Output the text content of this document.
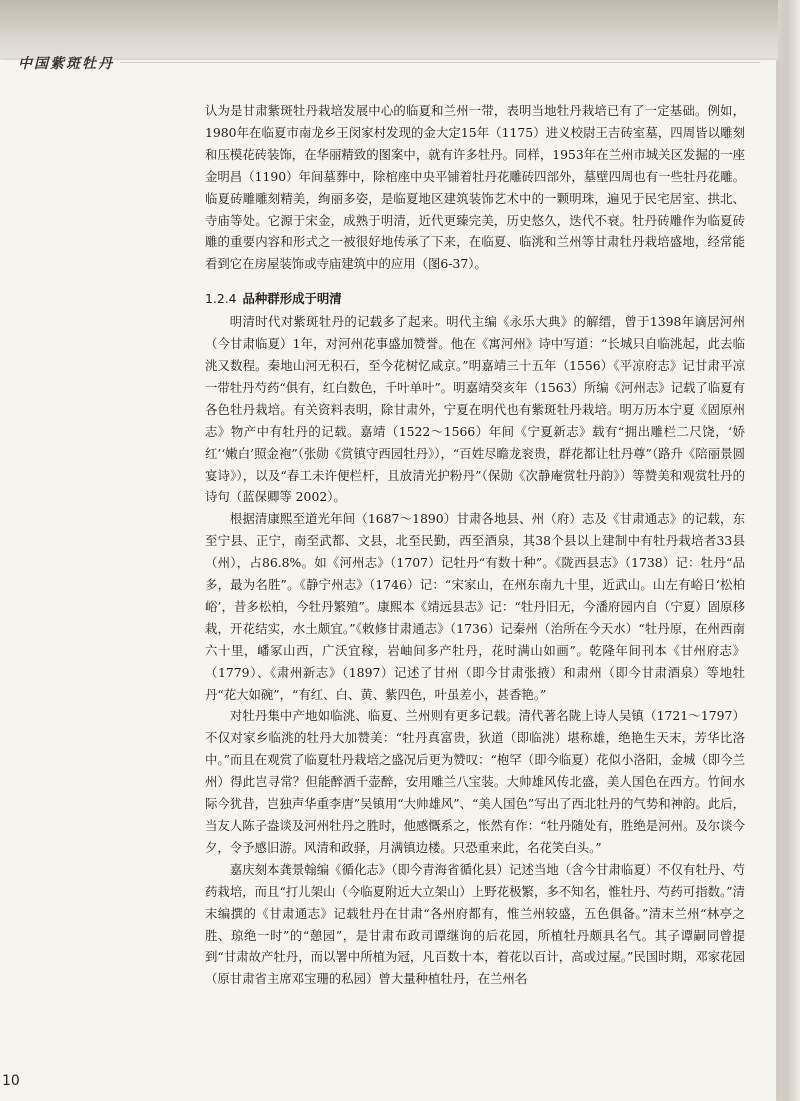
中国紫斑牡丹

认为是甘肃紫斑牡丹栽培发展中心的临夏和兰州一带，表明当地牡丹栽培已有了一定基础。例如，1980年在临夏市南龙乡王闵家村发现的金大定15年（1175）进义校尉王吉砖室墓，四周皆以雕刻和压模花砖装饰，在华丽精致的图案中，就有许多牡丹。同样，1953年在兰州市城关区发掘的一座金明昌（1190）年间墓葬中，除棺座中央平铺着牡丹花雕砖四部外，墓壁四周也有一些牡丹花雕。临夏砖雕雕刻精美，绚丽多姿，是临夏地区建筑装饰艺术中的一颗明珠，遍见于民宅居室、拱北、寺庙等处。它源于宋金，成熟于明清，近代更臻完美，历史悠久，迭代不衰。牡丹砖雕作为临夏砖雕的重要内容和形式之一被很好地传承了下来，在临夏、临洮和兰州等甘肃牡丹栽培盛地，经常能看到它在房屋装饰或寺庙建筑中的应用（图6-37）。

1.2.4 品种群形成于明清

明清时代对紫斑牡丹的记载多了起来。明代主编《永乐大典》的解缙，曾于1398年谪居河州（今甘肃临夏）1年，对河州花事盛加赞誉。他在《寓河州》诗中写道：“长城只自临洮起，此去临洮又数程。秦地山河无积石，至今花树忆咸京。”明嘉靖三十五年（1556）《平凉府志》记甘肃平凉一带牡丹芍药“俱有，红白数色，千叶单叶”。明嘉靖癸亥年（1563）所编《河州志》记载了临夏有各色牡丹栽培。有关资料表明，除甘肃外，宁夏在明代也有紫斑牡丹栽培。明万历本宁夏《固原州志》物产中有牡丹的记载。嘉靖（1522～1566）年间《宁夏新志》载有“拥出雕栏二尺饶，‘娇红’‘嫩白’照金袍”（张勋《赏镇守西园牡丹》），“百姓尽瞻龙衮贵，群花都让牡丹尊”（路升《陪丽景圆宴诗》），以及“春工未许便栏杆，且放清光护粉丹”（保勋《次静庵赏牡丹韵》）等赞美和观赏牡丹的诗句（蓝保卿等 2002）。

根据清康熙至道光年间（1687～1890）甘肃各地县、州（府）志及《甘肃通志》的记载，东至宁县、正宁，南至武都、文县，北至民勤，西至酒泉，其38个县以上建制中有牡丹栽培者33县（州），占86.8%。如《河州志》（1707）记牡丹“有数十种”。《陇西县志》（1738）记：牡丹“品多，最为名胜”。《静宁州志》（1746）记：“宋家山，在州东南九十里，近武山。山左有峪日‘松柏峪’，昔多松柏，今牡丹繁殖”。康熙本《靖远县志》记：“牡丹旧无，今潘府园内自（宁夏）固原移栽，开花结实，水土颇宜。”《敕修甘肃通志》（1736）记秦州（治所在今天水）“牡丹原，在州西南六十里，嶓冢山西，广沃宜稼，岩岫间多产牡丹，花时满山如画”。乾隆年间刊本《甘州府志》（1779）、《肃州新志》（1897）记述了甘州（即今甘肃张掖）和肃州（即今甘肃酒泉）等地牡丹“花大如碗”，“有红、白、黄、紫四色，叶虽差小，甚香艳。”

对牡丹集中产地如临洮、临夏、兰州则有更多记载。清代著名陇上诗人吴镇（1721～1797）不仅对家乡临洮的牡丹大加赞美：“牡丹真富贵，狄道（即临洮）堪称雄，绝艳生天末，芳华比洛中。”而且在观赏了临夏牡丹栽培之盛况后更为赞叹：“枹罕（即今临夏）花似小洛阳，金城（即今兰州）得此岂寻常？但能醉酒千壶醉，安用雕兰八宝装。大帅雄风传北盛，美人国色在西方。竹间水际今犹昔，岂独声华重李唐”吴镇用“大帅雄风”、“美人国色”写出了西北牡丹的气势和神韵。此后，当友人陈子盎谈及河州牡丹之胜时，他感慨系之，怅然有作：“牡丹随处有，胜绝是河州。及尔谈今夕，令予感旧游。风清和政驿，月满镇边楼。只恐重来此，名花笑白头。”

嘉庆刻本龚景翰编《循化志》（即今青海省循化县）记述当地（含今甘肃临夏）不仅有牡丹、芍药栽培，而且“打儿架山（今临夏附近大立架山）上野花极繁，多不知名，惟牡丹、芍药可指数。”清末编撰的《甘肃通志》记载牡丹在甘肃“各州府都有，惟兰州较盛，五色俱备。”清末兰州“林亭之胜、琼绝一时”的“憩园”，是甘肃布政司谭继询的后花园，所植牡丹颇具名气。其子谭嗣同曾提到“甘肃故产牡丹，而以署中所植为冠，凡百数十本，着花以百计，高或过屋。”民国时期，邓家花园（原甘肃省主席邓宝珊的私园）曾大量种植牡丹，在兰州名

10
